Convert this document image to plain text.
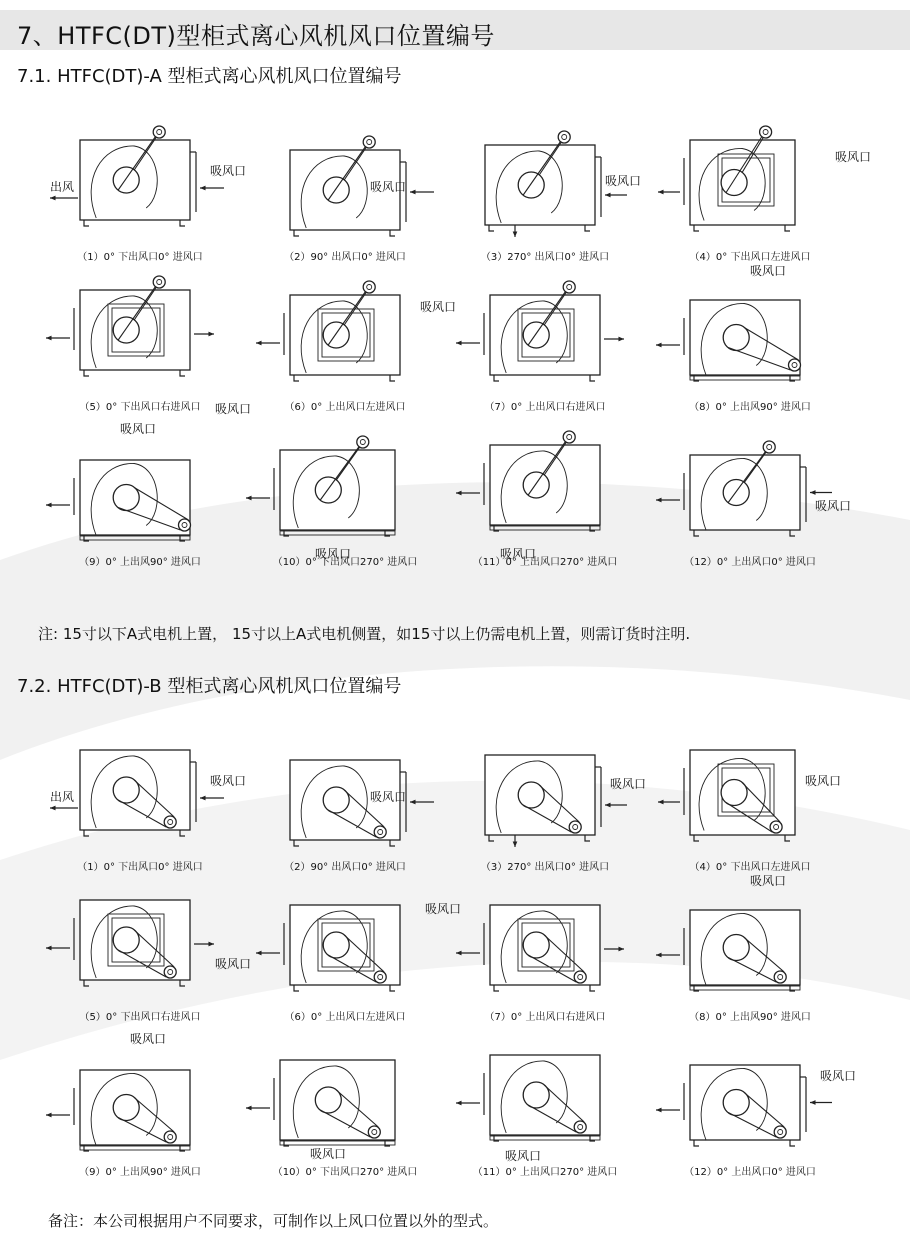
7、HTFC(DT)型柜式离心风机风口位置编号
7.1. HTFC(DT)-A 型柜式离心风机风口位置编号
（1）0° 下出风口0° 进风口
吸风口
出风
（2）90° 出风口0° 进风口
吸风口
（3）270° 出风口0° 进风口
吸风口
（4）0° 下出风口左进风口
吸风口
（5）0° 下出风口右进风口	（6）0° 上出风口左进风口
吸风口	（7）0° 上出风口右进风口
吸风口
（8）0° 上出风90° 进风口
吸风口
（9）0° 上出风90° 进风口
吸风口
（10）0° 下出风口270° 进风口
吸风口
（11）0° 上出风口270° 进风口
吸风口
（12）0° 上出风口0° 进风口
吸风口
注: 15寸以下A式电机上置， 15寸以上A式电机侧置，如15寸以上仍需电机上置，则需订货时注明.
7.2. HTFC(DT)-B 型柜式离心风机风口位置编号
（1）0° 下出风口0° 进风口
吸风口
出风
（2）90° 出风口0° 进风口
吸风口
（3）270° 出风口0° 进风口
吸风口
（4）0° 下出风口左进风口
吸风口
（5）0° 下出风口右进风口	（6）0° 上出风口左进风口
吸风口
（7）0° 上出风口右进风口
吸风口
（8）0° 上出风90° 进风口
吸风口
（9）0° 上出风90° 进风口
吸风口
（10）0° 下出风口270° 进风口
吸风口
（11）0° 上出风口270° 进风口
吸风口
（12）0° 上出风口0° 进风口
吸风口
备注：本公司根据用户不同要求，可制作以上风口位置以外的型式。
